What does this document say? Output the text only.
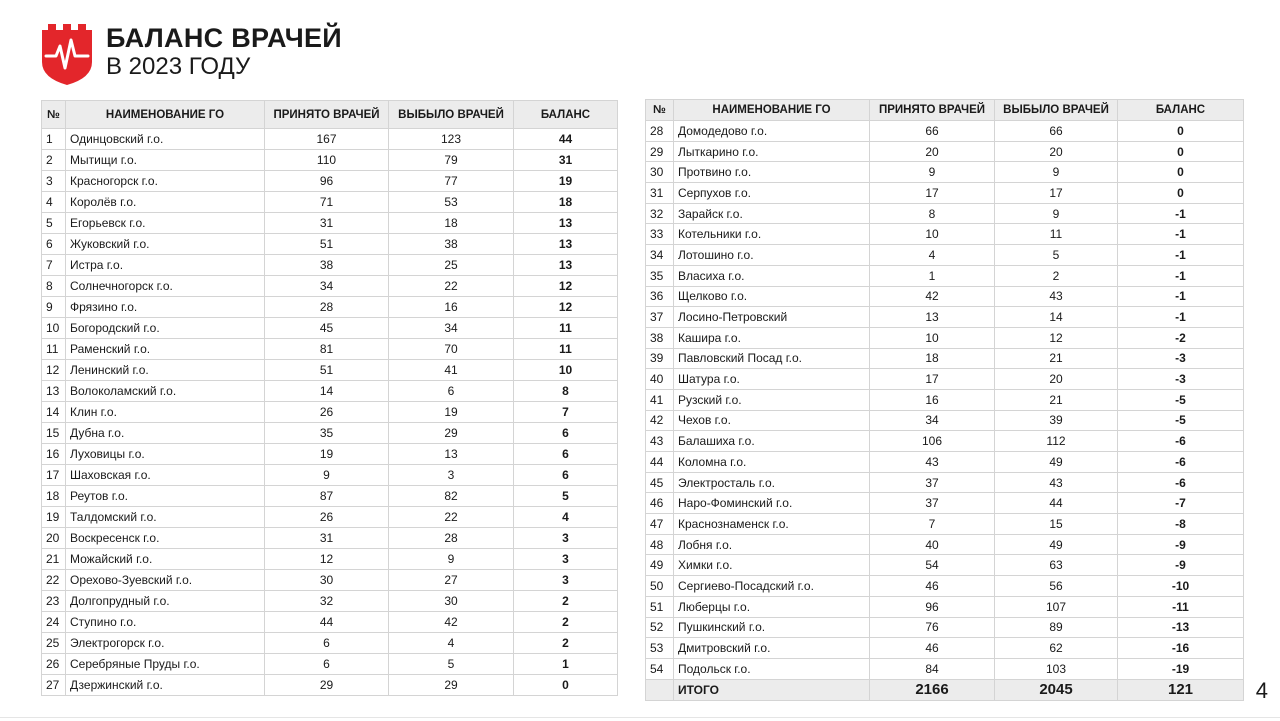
БАЛАНС ВРАЧЕЙ
В 2023 ГОДУ
№	НАИМЕНОВАНИЕ ГО	ПРИНЯТО ВРАЧЕЙ	ВЫБЫЛО ВРАЧЕЙ	БАЛАНС
1	Одинцовский г.о.	167	123	44
2	Мытищи г.о.	110	79	31
3	Красногорск г.о.	96	77	19
4	Королёв г.о.	71	53	18
5	Егорьевск г.о.	31	18	13
6	Жуковский г.о.	51	38	13
7	Истра г.о.	38	25	13
8	Солнечногорск г.о.	34	22	12
9	Фрязино г.о.	28	16	12
10	Богородский г.о.	45	34	11
11	Раменский г.о.	81	70	11
12	Ленинский г.о.	51	41	10
13	Волоколамский г.о.	14	6	8
14	Клин г.о.	26	19	7
15	Дубна г.о.	35	29	6
16	Луховицы г.о.	19	13	6
17	Шаховская г.о.	9	3	6
18	Реутов г.о.	87	82	5
19	Талдомский г.о.	26	22	4
20	Воскресенск г.о.	31	28	3
21	Можайский г.о.	12	9	3
22	Орехово-Зуевский г.о.	30	27	3
23	Долгопрудный г.о.	32	30	2
24	Ступино г.о.	44	42	2
25	Электрогорск г.о.	6	4	2
26	Серебряные Пруды г.о.	6	5	1
27	Дзержинский г.о.	29	29	0
№	НАИМЕНОВАНИЕ ГО	ПРИНЯТО ВРАЧЕЙ	ВЫБЫЛО ВРАЧЕЙ	БАЛАНС
28	Домодедово г.о.	66	66	0
29	Лыткарино г.о.	20	20	0
30	Протвино г.о.	9	9	0
31	Серпухов г.о.	17	17	0
32	Зарайск г.о.	8	9	-1
33	Котельники г.о.	10	11	-1
34	Лотошино г.о.	4	5	-1
35	Власиха г.о.	1	2	-1
36	Щелково г.о.	42	43	-1
37	Лосино-Петровский	13	14	-1
38	Кашира г.о.	10	12	-2
39	Павловский Посад г.о.	18	21	-3
40	Шатура г.о.	17	20	-3
41	Рузский г.о.	16	21	-5
42	Чехов г.о.	34	39	-5
43	Балашиха г.о.	106	112	-6
44	Коломна г.о.	43	49	-6
45	Электросталь г.о.	37	43	-6
46	Наро-Фоминский г.о.	37	44	-7
47	Краснознаменск г.о.	7	15	-8
48	Лобня г.о.	40	49	-9
49	Химки г.о.	54	63	-9
50	Сергиево-Посадский г.о.	46	56	-10
51	Люберцы г.о.	96	107	-11
52	Пушкинский г.о.	76	89	-13
53	Дмитровский г.о.	46	62	-16
54	Подольск г.о.	84	103	-19
	ИТОГО	2166	2045	121	4
